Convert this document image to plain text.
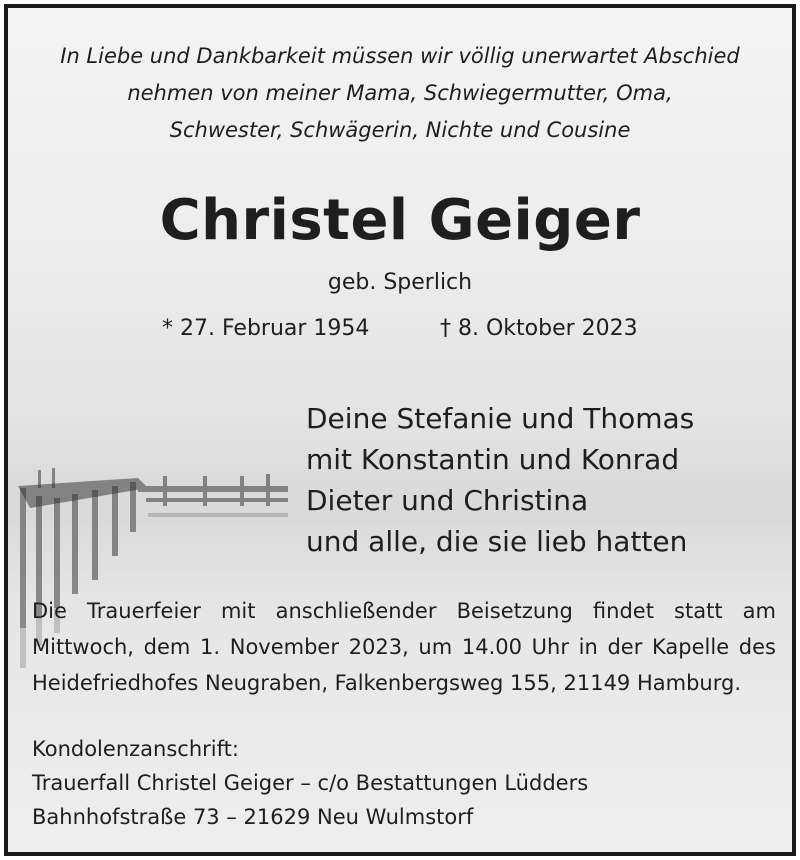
In Liebe und Dankbarkeit müssen wir völlig unerwartet Abschied
nehmen von meiner Mama, Schwiegermutter, Oma,
Schwester, Schwägerin, Nichte und Cousine
Christel Geiger
geb. Sperlich
* 27. Februar 1954	† 8. Oktober 2023
Deine Stefanie und Thomas
mit Konstantin und Konrad
Dieter und Christina
und alle, die sie lieb hatten
Die Trauerfeier mit anschließender Beisetzung findet statt am Mittwoch, dem 1. November 2023, um 14.00 Uhr in der Kapelle des Heidefriedhofes Neugraben, Falkenbergsweg 155, 21149 Hamburg.
Kondolenzanschrift:
Trauerfall Christel Geiger – c/o Bestattungen Lüdders
Bahnhofstraße 73 – 21629 Neu Wulmstorf
